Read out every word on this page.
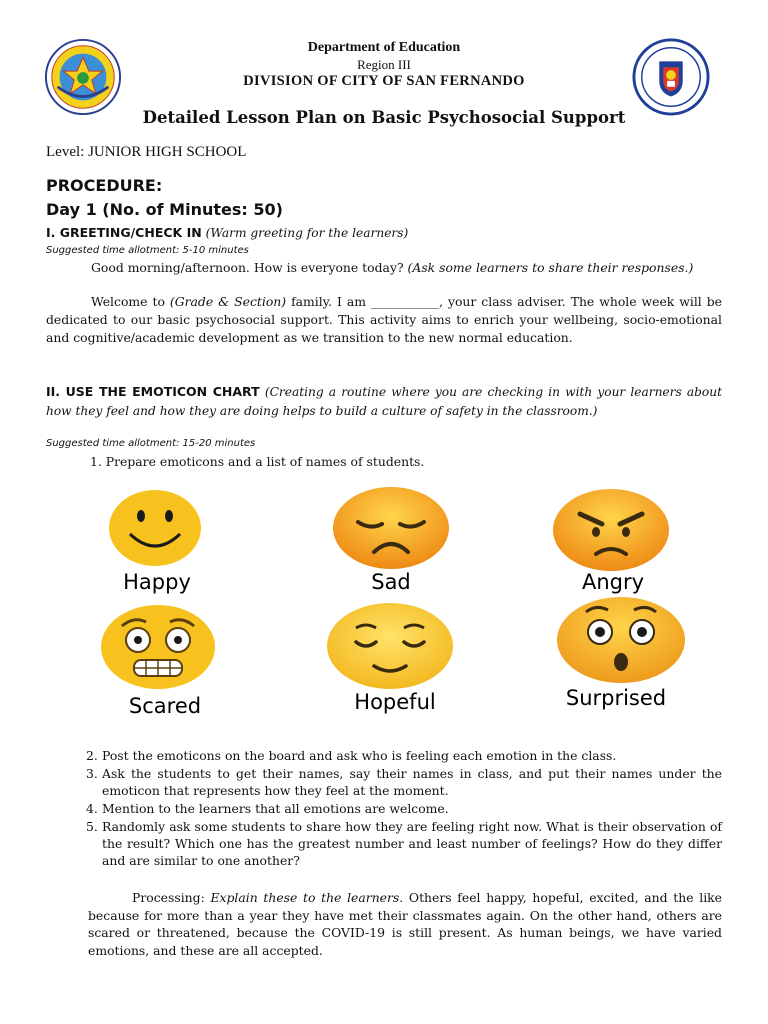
Department of Education
Region III
DIVISION OF CITY OF SAN FERNANDO
Detailed Lesson Plan on Basic Psychosocial Support
Level: JUNIOR HIGH SCHOOL
PROCEDURE:
Day 1 (No. of Minutes: 50)
I. GREETING/CHECK IN (Warm greeting for the learners)
Suggested time allotment: 5-10 minutes
Good morning/afternoon. How is everyone today? (Ask some learners to share their responses.)
Welcome to (Grade & Section) family. I am ___________, your class adviser. The whole week will be dedicated to our basic psychosocial support. This activity aims to enrich your wellbeing, socio-emotional and cognitive/academic development as we transition to the new normal education.
II. USE THE EMOTICON CHART (Creating a routine where you are checking in with your learners about how they feel and how they are doing helps to build a culture of safety in the classroom.)
Suggested time allotment: 15-20 minutes
1. Prepare emoticons and a list of names of students.
Happy	Sad	Angry
Scared	Hopeful	Surprised
2. Post the emoticons on the board and ask who is feeling each emotion in the class.
3. Ask the students to get their names, say their names in class, and put their names under the emoticon that represents how they feel at the moment.
4. Mention to the learners that all emotions are welcome.
5. Randomly ask some students to share how they are feeling right now. What is their observation of the result? Which one has the greatest number and least number of feelings? How do they differ and are similar to one another?
Processing: Explain these to the learners. Others feel happy, hopeful, excited, and the like because for more than a year they have met their classmates again. On the other hand, others are scared or threatened, because the COVID-19 is still present. As human beings, we have varied emotions, and these are all accepted.
